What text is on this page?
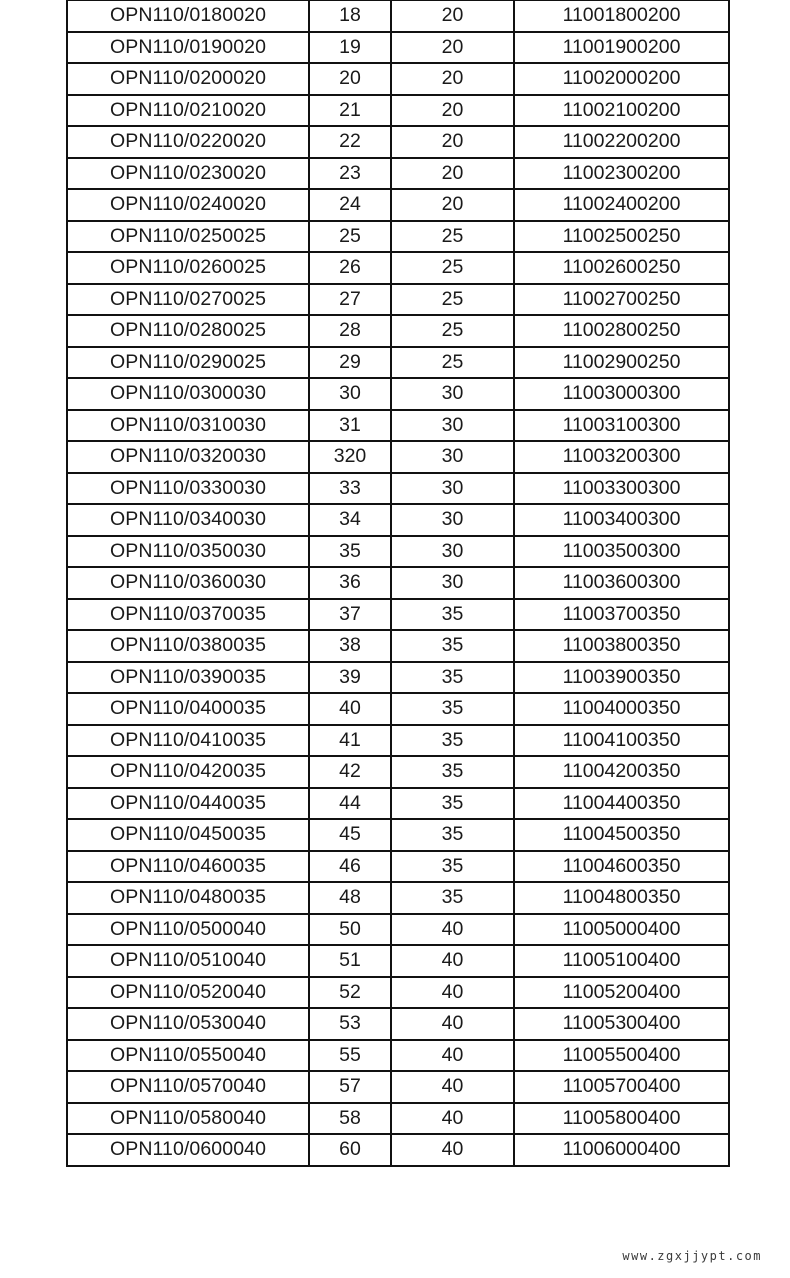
OPN110/0180020	18	20	11001800200
OPN110/0190020	19	20	11001900200
OPN110/0200020	20	20	11002000200
OPN110/0210020	21	20	11002100200
OPN110/0220020	22	20	11002200200
OPN110/0230020	23	20	11002300200
OPN110/0240020	24	20	11002400200
OPN110/0250025	25	25	11002500250
OPN110/0260025	26	25	11002600250
OPN110/0270025	27	25	11002700250
OPN110/0280025	28	25	11002800250
OPN110/0290025	29	25	11002900250
OPN110/0300030	30	30	11003000300
OPN110/0310030	31	30	11003100300
OPN110/0320030	320	30	11003200300
OPN110/0330030	33	30	11003300300
OPN110/0340030	34	30	11003400300
OPN110/0350030	35	30	11003500300
OPN110/0360030	36	30	11003600300
OPN110/0370035	37	35	11003700350
OPN110/0380035	38	35	11003800350
OPN110/0390035	39	35	11003900350
OPN110/0400035	40	35	11004000350
OPN110/0410035	41	35	11004100350
OPN110/0420035	42	35	11004200350
OPN110/0440035	44	35	11004400350
OPN110/0450035	45	35	11004500350
OPN110/0460035	46	35	11004600350
OPN110/0480035	48	35	11004800350
OPN110/0500040	50	40	11005000400
OPN110/0510040	51	40	11005100400
OPN110/0520040	52	40	11005200400
OPN110/0530040	53	40	11005300400
OPN110/0550040	55	40	11005500400
OPN110/0570040	57	40	11005700400
OPN110/0580040	58	40	11005800400
OPN110/0600040	60	40	11006000400
www.zgxjjypt.com
